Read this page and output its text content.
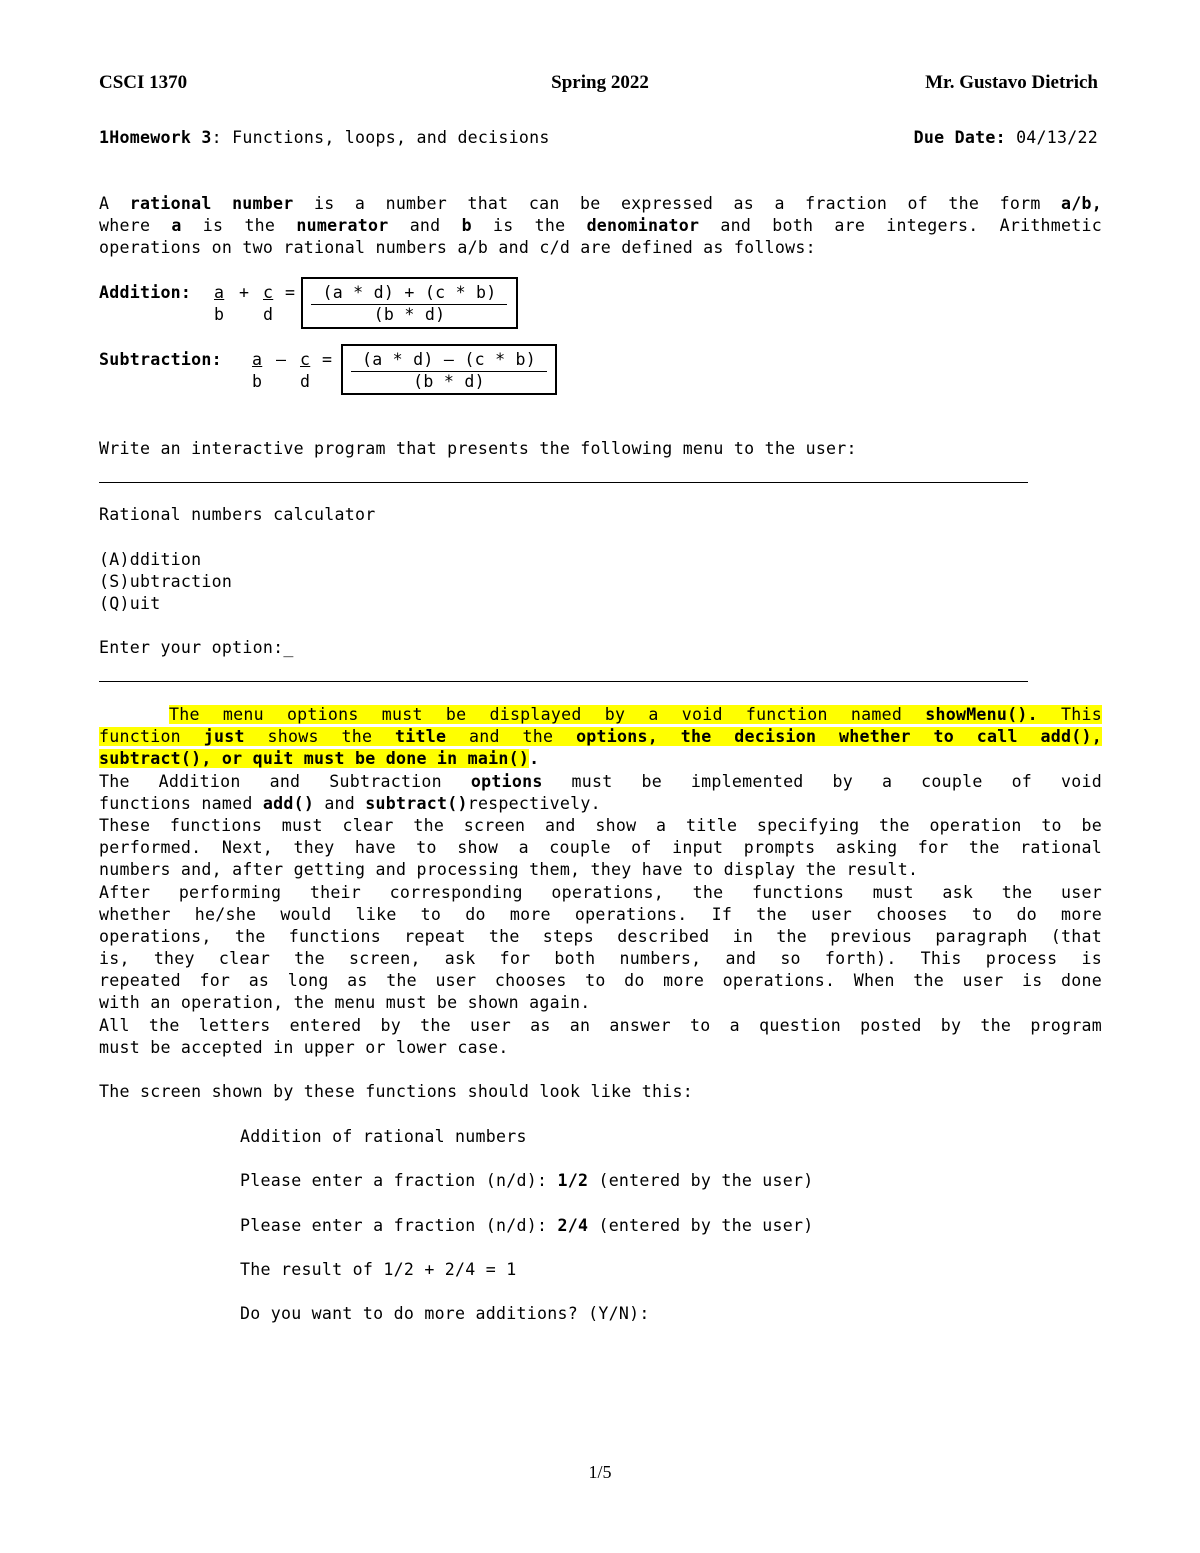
CSCI 1370	Spring 2022	Mr. Gustavo Dietrich
1Homework 3: Functions, loops, and decisions	Due Date: 04/13/22
A rational number is a number that can be expressed as a fraction of the form a/b,
where a is the numerator and b is the denominator and both are integers. Arithmetic
operations on two rational numbers a/b and c/d are defined as follows:
Addition: a + c =
b d
(a * d) + (c * b)
(b * d)
Subtraction: a – c =
b d
(a * d) – (c * b)
(b * d)
Write an interactive program that presents the following menu to the user:
Rational numbers calculator
(A)ddition
(S)ubtraction
(Q)uit
Enter your option:_
The menu options must be displayed by a void function named showMenu(). This
function just shows the title and the options, the decision whether to call add(),
subtract(), or quit must be done in main().
The Addition and Subtraction options must be implemented by a couple of void
functions named add() and subtract()respectively.
These functions must clear the screen and show a title specifying the operation to be
performed. Next, they have to show a couple of input prompts asking for the rational
numbers and, after getting and processing them, they have to display the result.
After performing their corresponding operations, the functions must ask the user
whether he/she would like to do more operations. If the user chooses to do more
operations, the functions repeat the steps described in the previous paragraph (that
is, they clear the screen, ask for both numbers, and so forth). This process is
repeated for as long as the user chooses to do more operations. When the user is done
with an operation, the menu must be shown again.
All the letters entered by the user as an answer to a question posted by the program
must be accepted in upper or lower case.
The screen shown by these functions should look like this:
Addition of rational numbers
Please enter a fraction (n/d): 1/2 (entered by the user)
Please enter a fraction (n/d): 2/4 (entered by the user)
The result of 1/2 + 2/4 = 1
Do you want to do more additions? (Y/N):
1/5
